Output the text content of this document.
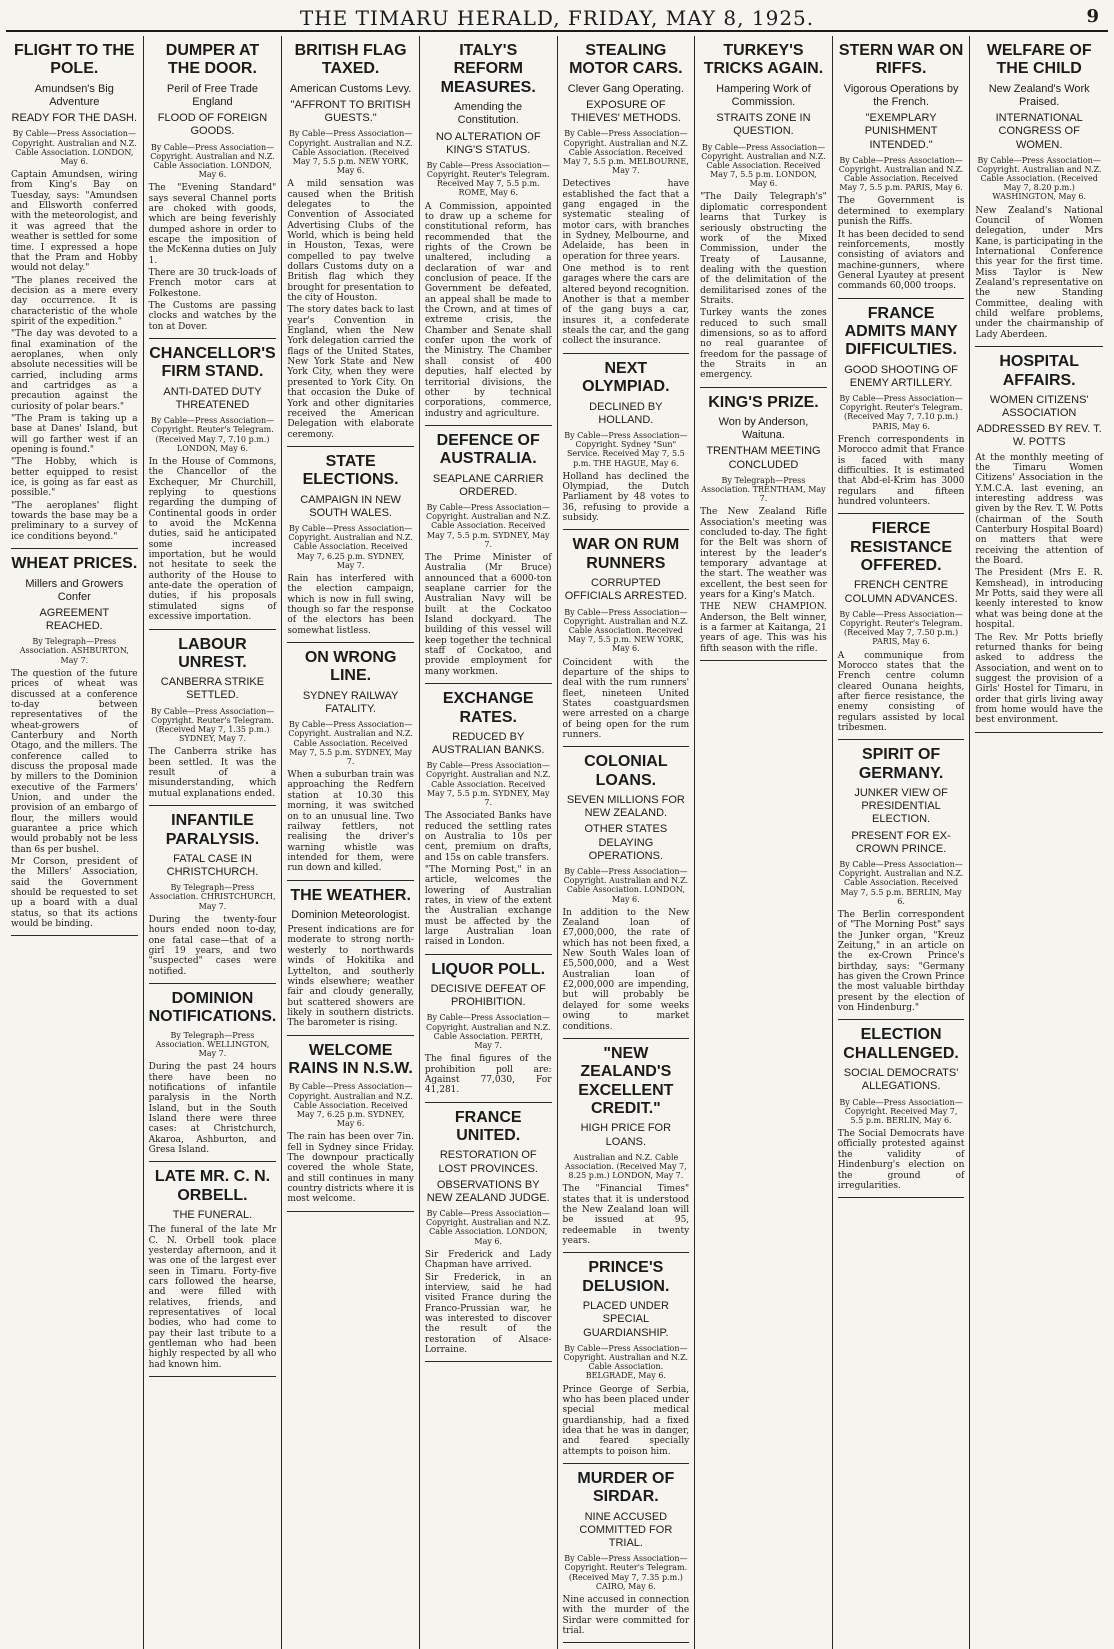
THE TIMARU HERALD, FRIDAY, MAY 8, 1925.	9
FLIGHT TO THE POLE.
Amundsen's Big Adventure
READY FOR THE DASH.
By Cable—Press Association—Copyright. Australian and N.Z. Cable Association. LONDON, May 6.

Captain Amundsen, wiring from King's Bay on Tuesday, says: "Amundsen and Ellsworth conferred with the meteorologist, and it was agreed that the weather is settled for some time. I expressed a hope that the Pram and Hobby would not delay."

"The planes received the decision as a mere every day occurrence. It is characteristic of the whole spirit of the expedition."

"The day was devoted to a final examination of the aeroplanes, when only absolute necessities will be carried, including arms and cartridges as a precaution against the curiosity of polar bears."

"The Pram is taking up a base at Danes' Island, but will go farther west if an opening is found."

"The Hobby, which is better equipped to resist ice, is going as far east as possible."

"The aeroplanes' flight towards the base may be a preliminary to a survey of ice conditions beyond."

WHEAT PRICES.
Millers and Growers Confer
AGREEMENT REACHED.
By Telegraph—Press Association. ASHBURTON, May 7.

The question of the future prices of wheat was discussed at a conference to-day between representatives of the wheat-growers of Canterbury and North Otago, and the millers. The conference called to discuss the proposal made by millers to the Dominion executive of the Farmers' Union, and under the provision of an embargo of flour, the millers would guarantee a price which would probably not be less than 6s per bushel.

Mr Corson, president of the Millers' Association, said the Government should be requested to set up a board with a dual status, so that its actions would be binding.

DUMPER AT THE DOOR.
Peril of Free Trade England
FLOOD OF FOREIGN GOODS.
By Cable—Press Association—Copyright. Australian and N.Z. Cable Association. LONDON, May 6.

The "Evening Standard" says several Channel ports are choked with goods, which are being feverishly dumped ashore in order to escape the imposition of the McKenna duties on July 1.

There are 30 truck-loads of French motor cars at Folkestone.

The Customs are passing clocks and watches by the ton at Dover.

CHANCELLOR'S FIRM STAND.
ANTI-DATED DUTY THREATENED
By Cable—Press Association—Copyright. Reuter's Telegram. (Received May 7, 7.10 p.m.) LONDON, May 6.

In the House of Commons, the Chancellor of the Exchequer, Mr Churchill, replying to questions regarding the dumping of Continental goods in order to avoid the McKenna duties, said he anticipated some increased importation, but he would not hesitate to seek the authority of the House to ante-date the operation of duties, if his proposals stimulated signs of excessive importation.

LABOUR UNREST.
CANBERRA STRIKE SETTLED.
By Cable—Press Association—Copyright. Reuter's Telegram. (Received May 7, 1.35 p.m.) SYDNEY, May 7.

The Canberra strike has been settled. It was the result of a misunderstanding, which mutual explanations ended.

INFANTILE PARALYSIS.
FATAL CASE IN CHRISTCHURCH.
By Telegraph—Press Association. CHRISTCHURCH, May 7.

During the twenty-four hours ended noon to-day, one fatal case—that of a girl 19 years, and two "suspected" cases were notified.

DOMINION NOTIFICATIONS.
By Telegraph—Press Association. WELLINGTON, May 7.

During the past 24 hours there have been no notifications of infantile paralysis in the North Island, but in the South Island there were three cases: at Christchurch, Akaroa, Ashburton, and Gresa Island.

LATE MR. C. N. ORBELL.
THE FUNERAL.

The funeral of the late Mr C. N. Orbell took place yesterday afternoon, and it was one of the largest ever seen in Timaru. Forty-five cars followed the hearse, and were filled with relatives, friends, and representatives of local bodies, who had come to pay their last tribute to a gentleman who had been highly respected by all who had known him.

BRITISH FLAG TAXED.
American Customs Levy.
"AFFRONT TO BRITISH GUESTS."
By Cable—Press Association—Copyright. Australian and N.Z. Cable Association. (Received May 7, 5.5 p.m. NEW YORK, May 6.

A mild sensation was caused when the British delegates to the Convention of Associated Advertising Clubs of the World, which is being held in Houston, Texas, were compelled to pay twelve dollars Customs duty on a British flag which they brought for presentation to the city of Houston.

The story dates back to last year's Convention in England, when the New York delegation carried the flags of the United States, New York State and New York City, when they were presented to York City. On that occasion the Duke of York and other dignitaries received the American Delegation with elaborate ceremony.

STATE ELECTIONS.
CAMPAIGN IN NEW SOUTH WALES.
By Cable—Press Association—Copyright. Australian and N.Z. Cable Association. Received May 7, 6.25 p.m. SYDNEY, May 7.

Rain has interfered with the election campaign, which is now in full swing, though so far the response of the electors has been somewhat listless.

ON WRONG LINE.
SYDNEY RAILWAY FATALITY.
By Cable—Press Association—Copyright. Australian and N.Z. Cable Association. Received May 7, 5.5 p.m. SYDNEY, May 7.

When a suburban train was approaching the Redfern station at 10.30 this morning, it was switched on to an unusual line. Two railway fettlers, not realising the driver's warning whistle was intended for them, were run down and killed.

THE WEATHER.
Dominion Meteorologist.

Present indications are for moderate to strong north-westerly to northwards winds of Hokitika and Lyttelton, and southerly winds elsewhere; weather fair and cloudy generally, but scattered showers are likely in southern districts. The barometer is rising.

WELCOME RAINS IN N.S.W.
By Cable—Press Association—Copyright. Australian and N.Z. Cable Association. Received May 7, 6.25 p.m. SYDNEY, May 6.

The rain has been over 7in. fell in Sydney since Friday. The downpour practically covered the whole State, and still continues in many country districts where it is most welcome.

ITALY'S REFORM MEASURES.
Amending the Constitution.
NO ALTERATION OF KING'S STATUS.
By Cable—Press Association—Copyright. Reuter's Telegram. Received May 7, 5.5 p.m. ROME, May 6.

A Commission, appointed to draw up a scheme for constitutional reform, has recommended that the rights of the Crown be unaltered, including a declaration of war and conclusion of peace. If the Government be defeated, an appeal shall be made to the Crown, and at times of extreme crisis, the Chamber and Senate shall confer upon the work of the Ministry. The Chamber shall consist of 400 deputies, half elected by territorial divisions, the other by technical corporations, commerce, industry and agriculture.

DEFENCE OF AUSTRALIA.
SEAPLANE CARRIER ORDERED.
By Cable—Press Association—Copyright. Australian and N.Z. Cable Association. Received May 7, 5.5 p.m. SYDNEY, May 7.

The Prime Minister of Australia (Mr Bruce) announced that a 6000-ton seaplane carrier for the Australian Navy will be built at the Cockatoo Island dockyard. The building of this vessel will keep together the technical staff of Cockatoo, and provide employment for many workmen.

EXCHANGE RATES.
REDUCED BY AUSTRALIAN BANKS.
By Cable—Press Association—Copyright. Australian and N.Z. Cable Association. Received May 7, 5.5 p.m. SYDNEY, May 7.

The Associated Banks have reduced the settling rates on Australia to 10s per cent, premium on drafts, and 15s on cable transfers.

"The Morning Post," in an article, welcomes the lowering of Australian rates, in view of the extent the Australian exchange must be affected by the large Australian loan raised in London.

LIQUOR POLL.
DECISIVE DEFEAT OF PROHIBITION.
By Cable—Press Association—Copyright. Australian and N.Z. Cable Association. PERTH, May 7.

The final figures of the prohibition poll are: Against 77,030, For 41,281.

FRANCE UNITED.
RESTORATION OF LOST PROVINCES.
OBSERVATIONS BY NEW ZEALAND JUDGE.
By Cable—Press Association—Copyright. Australian and N.Z. Cable Association. LONDON, May 6.

Sir Frederick and Lady Chapman have arrived.

Sir Frederick, in an interview, said he had visited France during the Franco-Prussian war, he was interested to discover the result of the restoration of Alsace-Lorraine.

STEALING MOTOR CARS.
Clever Gang Operating.
EXPOSURE OF THIEVES' METHODS.
By Cable—Press Association—Copyright. Australian and N.Z. Cable Association. Received May 7, 5.5 p.m. MELBOURNE, May 7.

Detectives have established the fact that a gang engaged in the systematic stealing of motor cars, with branches in Sydney, Melbourne, and Adelaide, has been in operation for three years.

One method is to rent garages where the cars are altered beyond recognition. Another is that a member of the gang buys a car, insures it, a confederate steals the car, and the gang collect the insurance.

NEXT OLYMPIAD.
DECLINED BY HOLLAND.
By Cable—Press Association—Copyright. Sydney "Sun" Service. Received May 7, 5.5 p.m. THE HAGUE, May 6.

Holland has declined the Olympiad, the Dutch Parliament by 48 votes to 36, refusing to provide a subsidy.

WAR ON RUM RUNNERS
CORRUPTED OFFICIALS ARRESTED.
By Cable—Press Association—Copyright. Australian and N.Z. Cable Association. Received May 7, 5.5 p.m. NEW YORK, May 6.

Coincident with the departure of the ships to deal with the rum runners' fleet, nineteen United States coastguardsmen were arrested on a charge of being open for the rum runners.

COLONIAL LOANS.
SEVEN MILLIONS FOR NEW ZEALAND.
OTHER STATES DELAYING OPERATIONS.
By Cable—Press Association—Copyright. Australian and N.Z. Cable Association. LONDON, May 6.

In addition to the New Zealand loan of £7,000,000, the rate of which has not been fixed, a New South Wales loan of £5,500,000, and a West Australian loan of £2,000,000 are impending, but will probably be delayed for some weeks owing to market conditions.

"NEW ZEALAND'S EXCELLENT CREDIT."
HIGH PRICE FOR LOANS.
Australian and N.Z. Cable Association. (Received May 7, 8.25 p.m.) LONDON, May 7.

The "Financial Times" states that it is understood the New Zealand loan will be issued at 95, redeemable in twenty years.

PRINCE'S DELUSION.
PLACED UNDER SPECIAL GUARDIANSHIP.
By Cable—Press Association—Copyright. Australian and N.Z. Cable Association. BELGRADE, May 6.

Prince George of Serbia, who has been placed under special medical guardianship, had a fixed idea that he was in danger, and feared specially attempts to poison him.

MURDER OF SIRDAR.
NINE ACCUSED COMMITTED FOR TRIAL.
By Cable—Press Association—Copyright. Reuter's Telegram. (Received May 7, 7.35 p.m.) CAIRO, May 6.

Nine accused in connection with the murder of the Sirdar were committed for trial.

TURKEY'S TRICKS AGAIN.
Hampering Work of Commission.
STRAITS ZONE IN QUESTION.
By Cable—Press Association—Copyright. Australian and N.Z. Cable Association. Received May 7, 5.5 p.m. LONDON, May 6.

"The Daily Telegraph's" diplomatic correspondent learns that Turkey is seriously obstructing the work of the Mixed Commission, under the Treaty of Lausanne, dealing with the question of the delimitation of the demilitarised zones of the Straits.

Turkey wants the zones reduced to such small dimensions, so as to afford no real guarantee of freedom for the passage of the Straits in an emergency.

KING'S PRIZE.
Won by Anderson, Waituna.
TRENTHAM MEETING CONCLUDED
By Telegraph—Press Association. TRENTHAM, May 7.

The New Zealand Rifle Association's meeting was concluded to-day. The fight for the Belt was shorn of interest by the leader's temporary advantage at the start. The weather was excellent, the best seen for years for a King's Match.

THE NEW CHAMPION. Anderson, the Belt winner, is a farmer at Kaitanga, 21 years of age. This was his fifth season with the rifle.

STERN WAR ON RIFFS.
Vigorous Operations by the French.
"EXEMPLARY PUNISHMENT INTENDED."
By Cable—Press Association—Copyright. Australian and N.Z. Cable Association. Received May 7, 5.5 p.m. PARIS, May 6.

The Government is determined to exemplary punish the Riffs.

It has been decided to send reinforcements, mostly consisting of aviators and machine-gunners, where General Lyautey at present commands 60,000 troops.

FRANCE ADMITS MANY DIFFICULTIES.
GOOD SHOOTING OF ENEMY ARTILLERY.
By Cable—Press Association—Copyright. Reuter's Telegram. (Received May 7, 7.10 p.m.) PARIS, May 6.

French correspondents in Morocco admit that France is faced with many difficulties. It is estimated that Abd-el-Krim has 3000 regulars and fifteen hundred volunteers.

FIERCE RESISTANCE OFFERED.
FRENCH CENTRE COLUMN ADVANCES.
By Cable—Press Association—Copyright. Reuter's Telegram. (Received May 7, 7.50 p.m.) PARIS, May 6.

A communique from Morocco states that the French centre column cleared Ounana heights, after fierce resistance, the enemy consisting of regulars assisted by local tribesmen.

SPIRIT OF GERMANY.
JUNKER VIEW OF PRESIDENTIAL ELECTION.
PRESENT FOR EX-CROWN PRINCE.
By Cable—Press Association—Copyright. Australian and N.Z. Cable Association. Received May 7, 5.5 p.m. BERLIN, May 6.

The Berlin correspondent of "The Morning Post" says the Junker organ, "Kreuz Zeitung," in an article on the ex-Crown Prince's birthday, says: "Germany has given the Crown Prince the most valuable birthday present by the election of von Hindenburg."

ELECTION CHALLENGED.
SOCIAL DEMOCRATS' ALLEGATIONS.
By Cable—Press Association—Copyright. Received May 7, 5.5 p.m. BERLIN, May 6.

The Social Democrats have officially protested against the validity of Hindenburg's election on the ground of irregularities.

WELFARE OF THE CHILD
New Zealand's Work Praised.
INTERNATIONAL CONGRESS OF WOMEN.
By Cable—Press Association—Copyright. Australian and N.Z. Cable Association. (Received May 7, 8.20 p.m.) WASHINGTON, May 6.

New Zealand's National Council of Women delegation, under Mrs Kane, is participating in the International Conference this year for the first time. Miss Taylor is New Zealand's representative on the new Standing Committee, dealing with child welfare problems, under the chairmanship of Lady Aberdeen.

HOSPITAL AFFAIRS.
WOMEN CITIZENS' ASSOCIATION
ADDRESSED BY REV. T. W. POTTS

At the monthly meeting of the Timaru Women Citizens' Association in the Y.M.C.A. last evening, an interesting address was given by the Rev. T. W. Potts (chairman of the South Canterbury Hospital Board) on matters that were receiving the attention of the Board.

The President (Mrs E. R. Kemshead), in introducing Mr Potts, said they were all keenly interested to know what was being done at the hospital.

The Rev. Mr Potts briefly returned thanks for being asked to address the Association, and went on to suggest the provision of a Girls' Hostel for Timaru, in order that girls living away from home would have the best environment.
